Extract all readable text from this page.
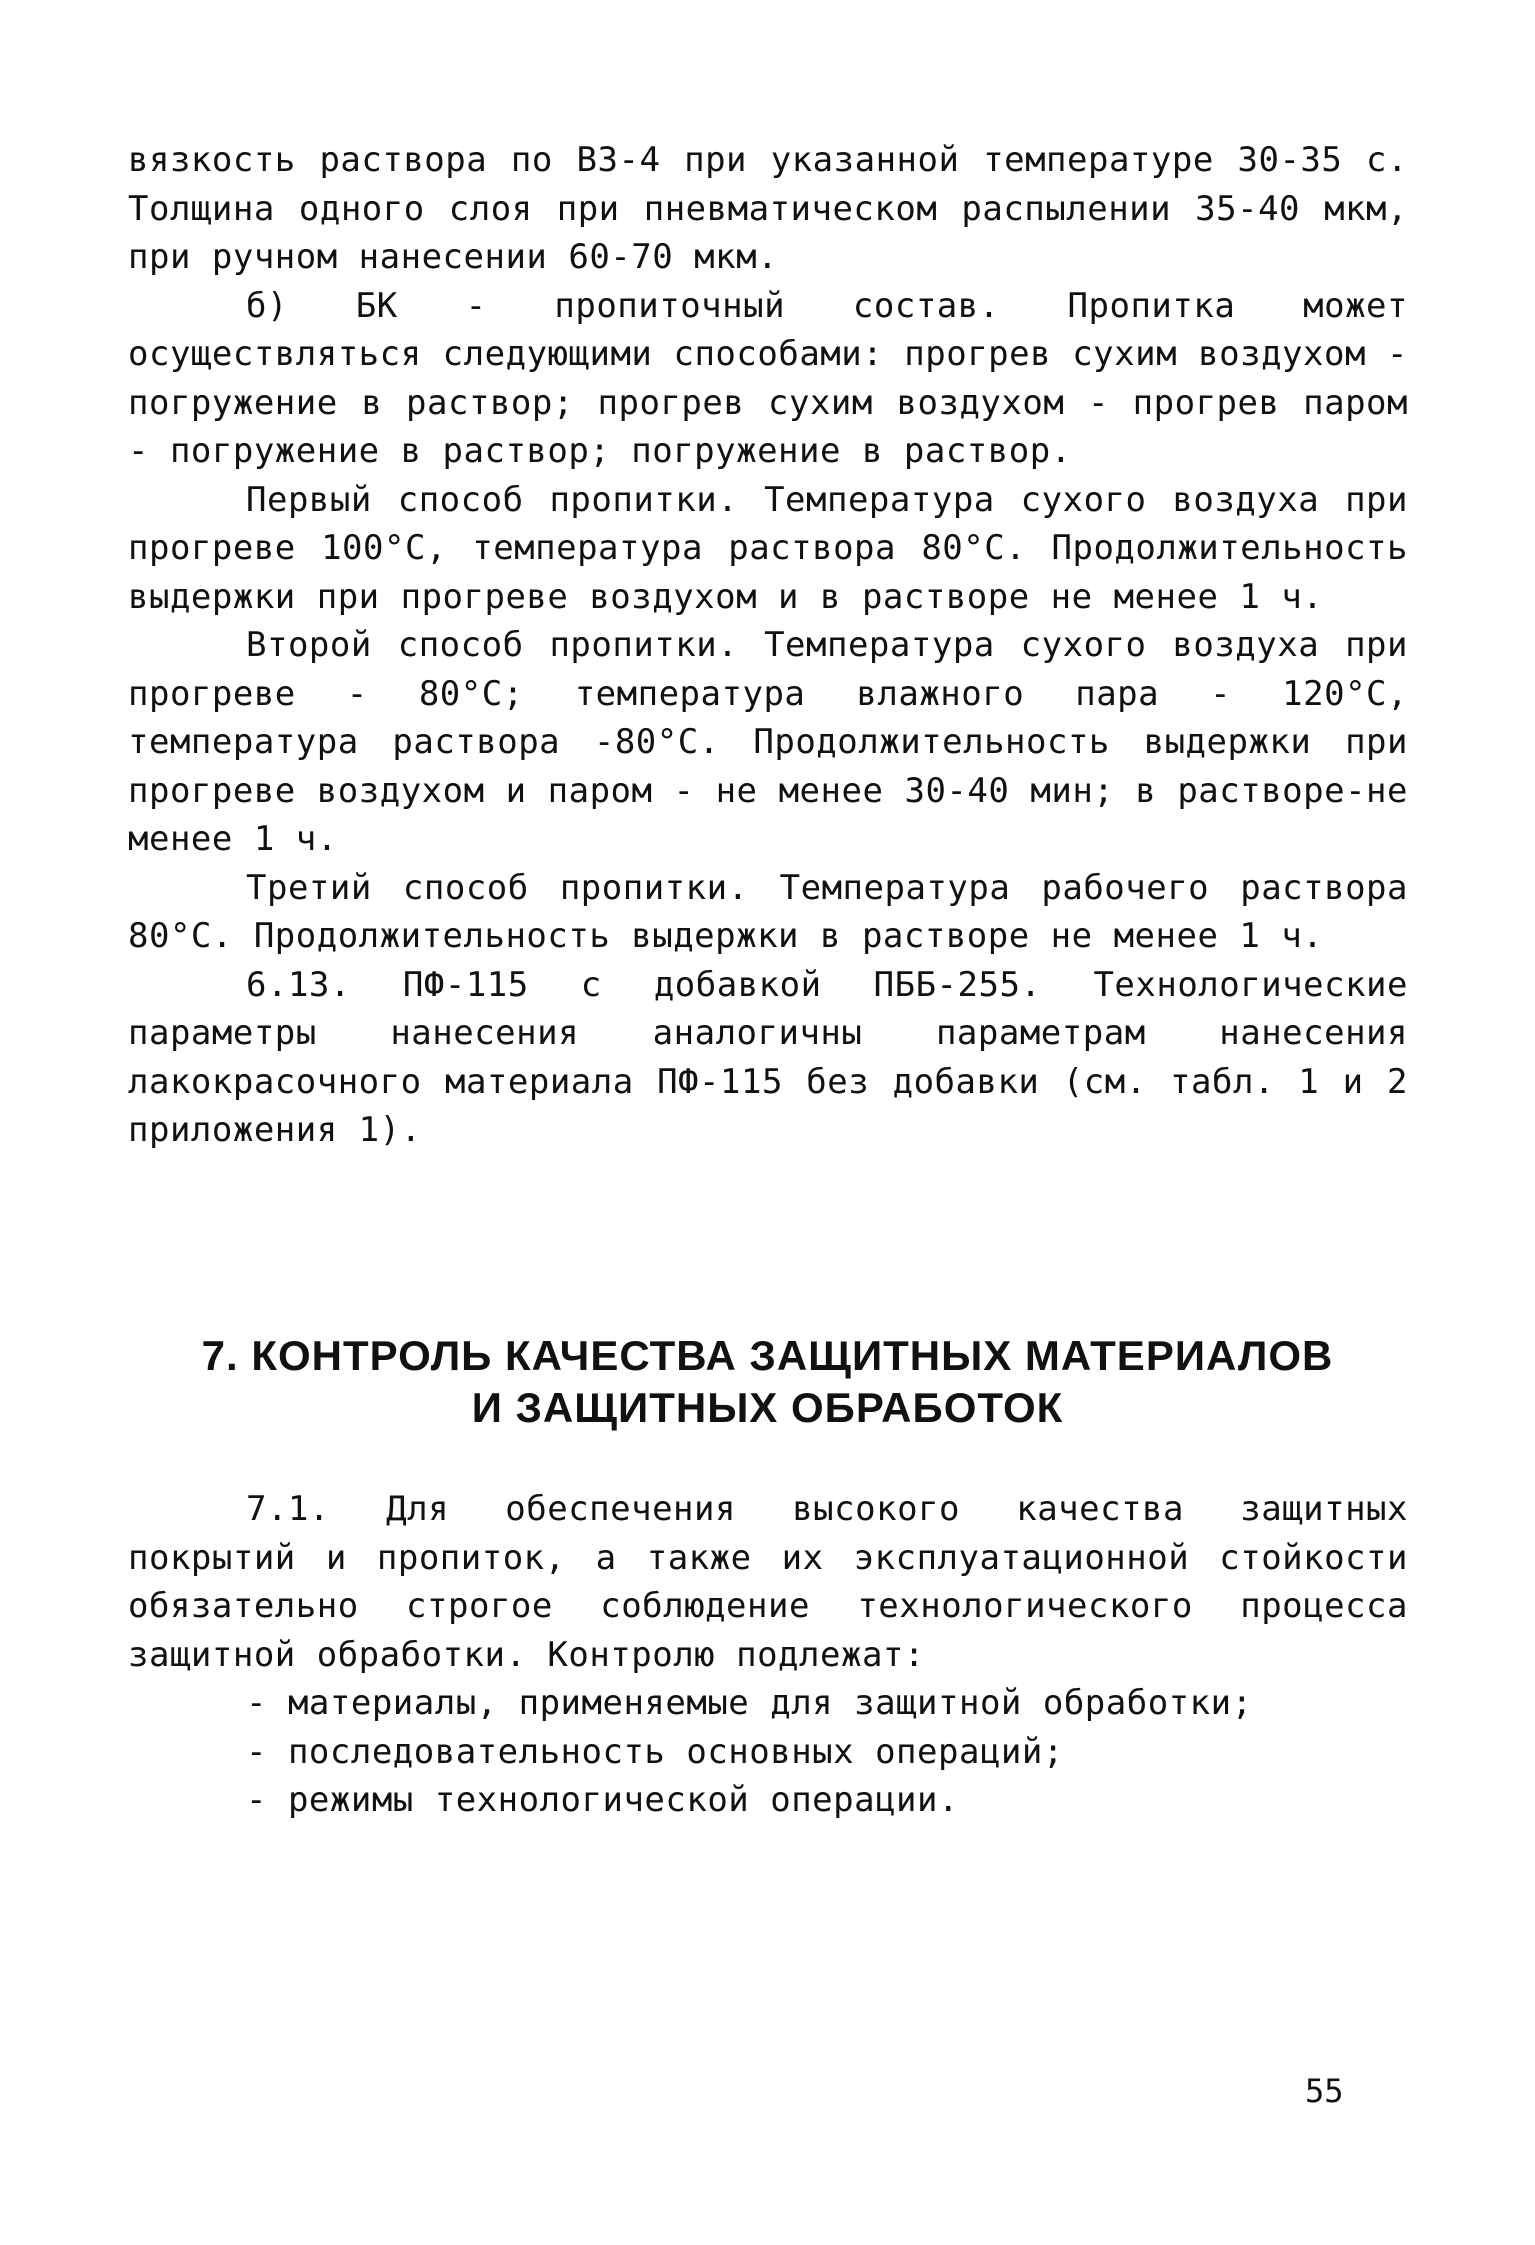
вязкость раствора по ВЗ-4 при указанной температуре 30-35 с. Толщина одного слоя при пневматическом распылении 35-40 мкм, при ручном нанесении 60-70 мкм.

б) БК - пропиточный состав. Пропитка может осуществляться следующими способами: прогрев сухим воздухом - погружение в раствор; прогрев сухим воздухом - прогрев паром - погружение в раствор; погружение в раствор.

Первый способ пропитки. Температура сухого воздуха при прогреве 100°С, температура раствора 80°С. Продолжительность выдержки при прогреве воздухом и в растворе не менее 1 ч.

Второй способ пропитки. Температура сухого воздуха при прогреве - 80°С; температура влажного пара - 120°С, температура раствора -80°С. Продолжительность выдержки при прогреве воздухом и паром - не менее 30-40 мин; в растворе-не менее 1 ч.

Третий способ пропитки. Температура рабочего раствора 80°С. Продолжительность выдержки в растворе не менее 1 ч.

6.13. ПФ-115 с добавкой ПББ-255. Технологические параметры нанесения аналогичны параметрам нанесения лакокрасочного материала ПФ-115 без добавки (см. табл. 1 и 2 приложения 1).

7. КОНТРОЛЬ КАЧЕСТВА ЗАЩИТНЫХ МАТЕРИАЛОВ
И ЗАЩИТНЫХ ОБРАБОТОК

7.1. Для обеспечения высокого качества защитных покрытий и пропиток, а также их эксплуатационной стойкости обязательно строгое соблюдение технологического процесса защитной обработки. Контролю подлежат:

- материалы, применяемые для защитной обработки;

- последовательность основных операций;

- режимы технологической операции.

55
